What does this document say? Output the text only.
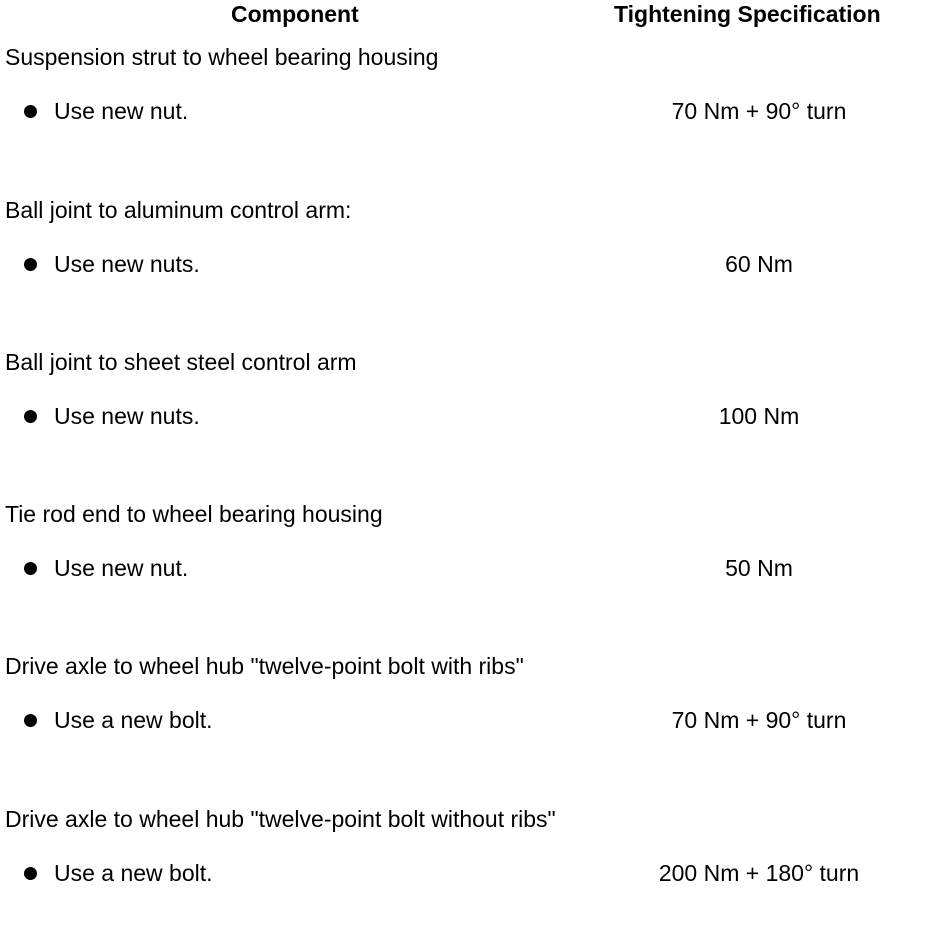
Component	Tightening Specification
Suspension strut to wheel bearing housing
Use new nut.	70 Nm + 90° turn
Ball joint to aluminum control arm:
Use new nuts.	60 Nm
Ball joint to sheet steel control arm
Use new nuts.	100 Nm
Tie rod end to wheel bearing housing
Use new nut.	50 Nm
Drive axle to wheel hub "twelve-point bolt with ribs"
Use a new bolt.	70 Nm + 90° turn
Drive axle to wheel hub "twelve-point bolt without ribs"
Use a new bolt.	200 Nm + 180° turn
